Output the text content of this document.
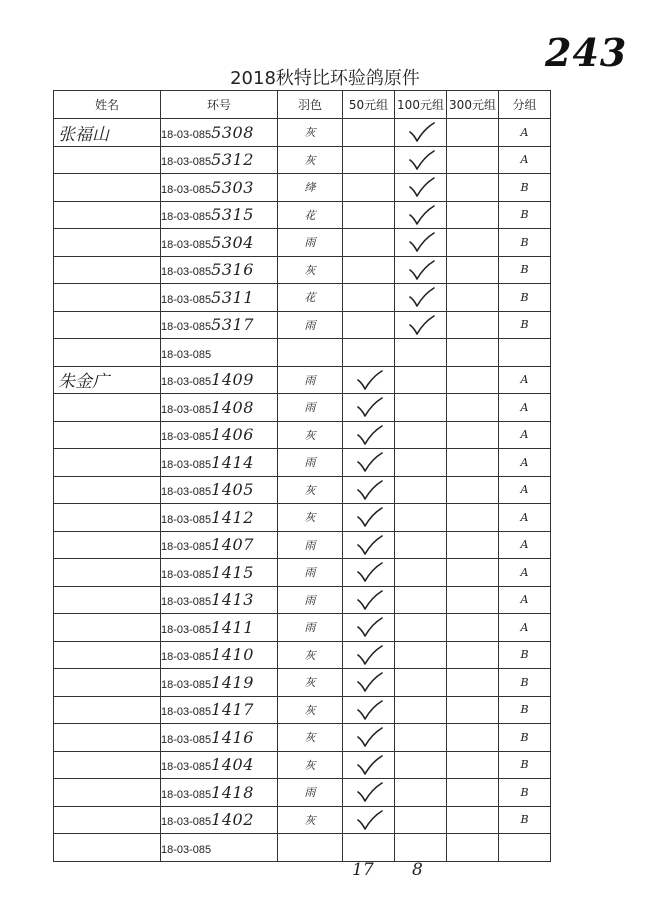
243
2018秋特比环验鸽原件
姓名	环号	羽色	50元组	100元组	300元组	分组
张福山	18-03-0855308	灰				A
	18-03-0855312	灰				A
	18-03-0855303	绛				B
	18-03-0855315	花				B
	18-03-0855304	雨				B
	18-03-0855316	灰				B
	18-03-0855311	花				B
	18-03-0855317	雨				B
	18-03-085					
朱金广	18-03-0851409	雨				A
	18-03-0851408	雨				A
	18-03-0851406	灰				A
	18-03-0851414	雨				A
	18-03-0851405	灰				A
	18-03-0851412	灰				A
	18-03-0851407	雨				A
	18-03-0851415	雨				A
	18-03-0851413	雨				A
	18-03-0851411	雨				A
	18-03-0851410	灰				B
	18-03-0851419	灰				B
	18-03-0851417	灰				B
	18-03-0851416	灰				B
	18-03-0851404	灰				B
	18-03-0851418	雨				B
	18-03-0851402	灰				B
	18-03-085					
17 8
